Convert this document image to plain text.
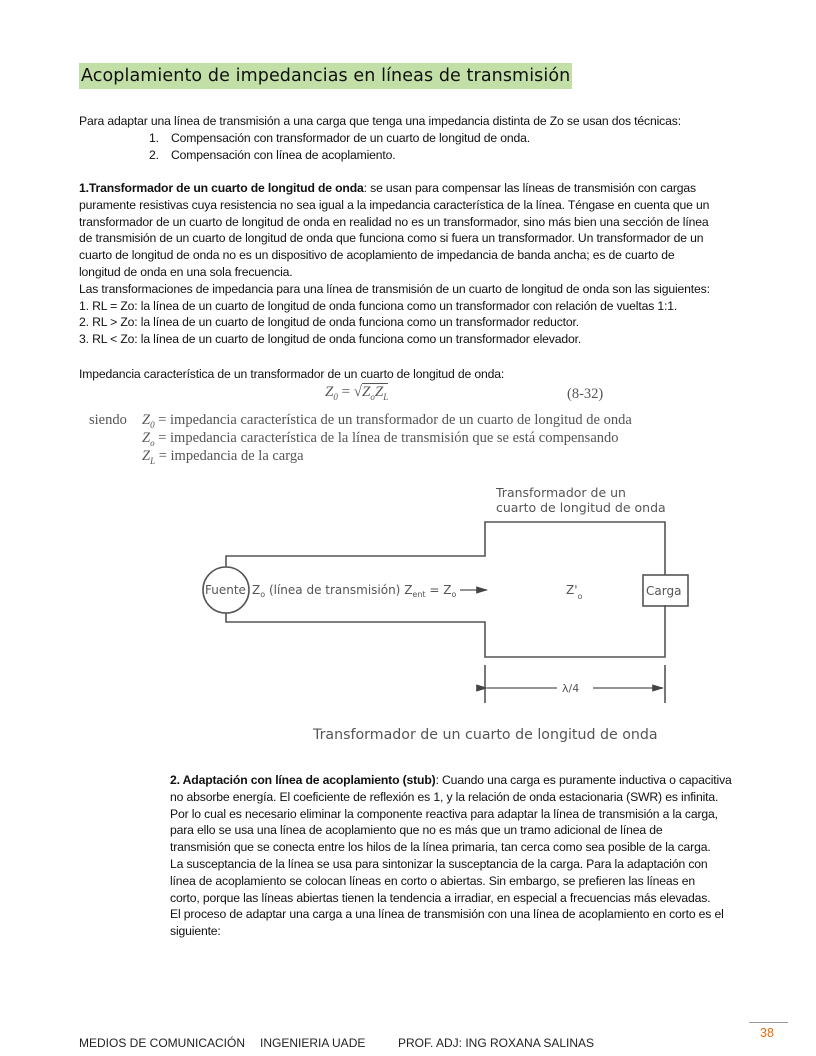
Acoplamiento de impedancias en líneas de transmisión
Para adaptar una línea de transmisión a una carga que tenga una impedancia distinta de Zo se usan dos técnicas:
1. Compensación con transformador de un cuarto de longitud de onda.
2. Compensación con línea de acoplamiento.
1.Transformador de un cuarto de longitud de onda: se usan para compensar las líneas de transmisión con cargas
puramente resistivas cuya resistencia no sea igual a la impedancia característica de la línea. Téngase en cuenta que un
transformador de un cuarto de longitud de onda en realidad no es un transformador, sino más bien una sección de línea
de transmisión de un cuarto de longitud de onda que funciona como si fuera un transformador. Un transformador de un
cuarto de longitud de onda no es un dispositivo de acoplamiento de impedancia de banda ancha; es de cuarto de
longitud de onda en una sola frecuencia.
Las transformaciones de impedancia para una línea de transmisión de un cuarto de longitud de onda son las siguientes:
1. RL = Zo: la línea de un cuarto de longitud de onda funciona como un transformador con relación de vueltas 1:1.
2. RL > Zo: la línea de un cuarto de longitud de onda funciona como un transformador reductor.
3. RL < Zo: la línea de un cuarto de longitud de onda funciona como un transformador elevador.
Impedancia característica de un transformador de un cuarto de longitud de onda:
$Z_0 = √Z_oZ_L$	(8-32)
siendo $Z_0$ = impedancia característica de un transformador de un cuarto de longitud de onda
$Z_o$ = impedancia característica de la línea de transmisión que se está compensando
$Z_L$ = impedancia de la carga
Transformador de un
cuarto de longitud de onda
Fuente $Z_o$ (línea de transmisión) $Z_{ent} = Z_o$	$Z'_o$	Carga
λ/4
Transformador de un cuarto de longitud de onda
2. Adaptación con línea de acoplamiento (stub): Cuando una carga es puramente inductiva o capacitiva
no absorbe energía. El coeficiente de reflexión es 1, y la relación de onda estacionaria (SWR) es infinita.
Por lo cual es necesario eliminar la componente reactiva para adaptar la línea de transmisión a la carga,
para ello se usa una línea de acoplamiento que no es más que un tramo adicional de línea de
transmisión que se conecta entre los hilos de la línea primaria, tan cerca como sea posible de la carga.
La susceptancia de la línea se usa para sintonizar la susceptancia de la carga. Para la adaptación con
línea de acoplamiento se colocan líneas en corto o abiertas. Sin embargo, se prefieren las líneas en
corto, porque las líneas abiertas tienen la tendencia a irradiar, en especial a frecuencias más elevadas.
El proceso de adaptar una carga a una línea de transmisión con una línea de acoplamiento en corto es el
siguiente:
MEDIOS DE COMUNICACIÓN INGENIERIA UADE	PROF. ADJ: ING ROXANA SALINAS
38
